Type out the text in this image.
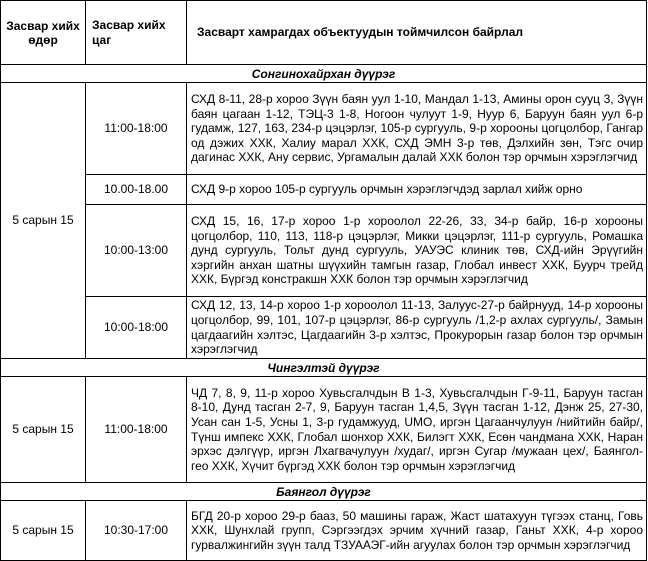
Засвар хийх өдөр	Засвар хийх цаг	Засварт хамрагдах объектуудын тоймчилсон байрлал
Сонгинохайрхан дүүрэг		
5 сарын 15	11:00-18:00	СХД 8-11, 28-р хороо Зүүн баян уул 1-10, Мандал 1-13, Амины орон сууц 3, Зүүн баян цагаан 1-12, ТЭЦ-3 1-8, Ногоон чулуут 1-9, Нуур 6, Баруун баян уул 6-р гудамж, 127, 163, 234-р цэцэрлэг, 105-р сургууль, 9-р хорооны цогцолбор, Гангар од дэжих ХХК, Халиу марал ХХК, СХД ЭМН 3-р төв, Дэлхийн зөн, Тэгс очир дагинас ХХК, Ану сервис, Ургамалын далай ХХК болон тэр орчмын хэрэглэгчид
	10.00-18.00	СХД 9-р хороо 105-р сургууль орчмын хэрэглэгчдэд зарлал хийж орно
	10:00-13:00	СХД 15, 16, 17-р хороо 1-р хороолол 22-26, 33, 34-р байр, 16-р хорооны цогцолбор, 110, 113, 118-р цэцэрлэг, Микки цэцэрлэг, 111-р сургууль, Ромашка дунд сургууль, Тольт дунд сургууль, УАУЭС клиник төв, СХД-ийн Эрүүгийн хэргийн анхан шатны шүүхийн тамгын газар, Глобал инвест ХХК, Буурч трейд ХХК, Бүргэд констракшн ХХК болон тэр орчмын хэрэглэгчид
	10:00-18:00	СХД 12, 13, 14-р хороо 1-р хороолол 11-13, Залуус-27-р байрнууд, 14-р хорооны цогцолбор, 99, 101, 107-р цэцэрлэг, 86-р сургууль /1,2-р ахлах сургууль/, Замын цагдаагийн хэлтэс, Цагдаагийн 3-р хэлтэс, Прокурорын газар болон тэр орчмын хэрэглэгчид
Чингэлтэй дүүрэг		
5 сарын 15	11:00-18:00	ЧД 7, 8, 9, 11-р хороо Хувьсгалчдын В 1-3, Хувьсгалчдын Г-9-11, Баруун тасган 8-10, Дунд тасган 2-7, 9, Баруун тасган 1,4,5, Зүүн тасган 1-12, Дэнж 25, 27-30, Усан сан 1-5, Усны 1, 3-р гудамжууд, UMO, иргэн Цагаанчулуун /нийтийн байр/, Түнш импекс ХХК, Глобал шонхор ХХК, Билэгт ХХК, Есөн чандмана ХХК, Наран эрхэс дэлгүүр, иргэн Лхагвачулуун /худаг/, иргэн Сугар /мужаан цех/, Баянгол-гео ХХК, Хүчит бүргэд ХХК болон тэр орчмын хэрэглэгчид
Баянгол дүүрэг		
5 сарын 15	10:30-17:00	БГД 20-р хороо 29-р бааз, 50 машины гараж, Жаст шатахуун түгээх станц, Говь ХХК, Шунхлай групп, Сэргээгдэх эрчим хүчний газар, Ганьт ХХК, 4-р хороо гурвалжингийн зүүн талд ТЗУААЭГ-ийн агуулах болон тэр орчмын хэрэглэгчид
